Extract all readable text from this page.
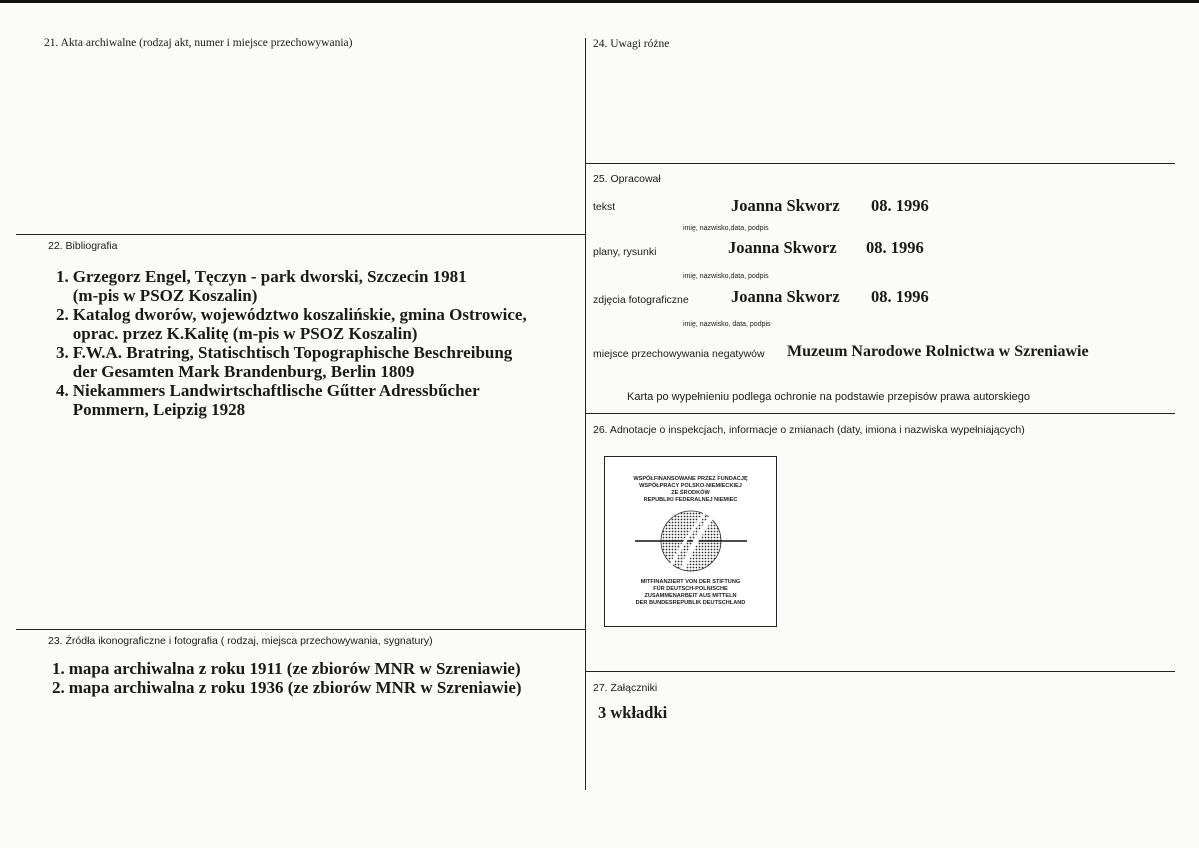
21. Akta archiwalne (rodzaj akt, numer i miejsce przechowywania)
22. Bibliografia
1. Grzegorz Engel, Tęczyn - park dworski, Szczecin 1981
(m-pis w PSOZ Koszalin)
2. Katalog dworów, województwo koszalińskie, gmina Ostrowice,
oprac. przez K.Kalitę (m-pis w PSOZ Koszalin)
3. F.W.A. Bratring, Statischtisch Topographische Beschreibung
der Gesamten Mark Brandenburg, Berlin 1809
4. Niekammers Landwirtschaftlische Gűtter Adressbűcher
Pommern, Leipzig 1928
23. Źródła ikonograficzne i fotografia ( rodzaj, miejsca przechowywania, sygnatury)
1. mapa archiwalna z roku 1911 (ze zbiorów MNR w Szreniawie)
2. mapa archiwalna z roku 1936 (ze zbiorów MNR w Szreniawie)
24. Uwagi różne
25. Opracował
tekst	Joanna Skworz 08. 1996
imię, nazwisko,data, podpis
plany, rysunki	Joanna Skworz 08. 1996
imię, nazwisko,data, podpis
zdjęcia fotograficzne	Joanna Skworz 08. 1996
imię, nazwisko, data, podpis
miejsce przechowywania negatywów Muzeum Narodowe Rolnictwa w Szreniawie
Karta po wypełnieniu podlega ochronie na podstawie przepisów prawa autorskiego
26. Adnotacje o inspekcjach, informacje o zmianach (daty, imiona i nazwiska wypełniających)
WSPÓŁFINANSOWANE PRZEZ FUNDACJĘ
WSPÓŁPRACY POLSKO-NIEMIECKIEJ
ZE ŚRODKÓW
REPUBLIKI FEDERALNEJ NIEMIEC
MITFINANZIERT VON DER STIFTUNG
FÜR DEUTSCH-POLNISCHE
ZUSAMMENARBEIT AUS MITTELN
DER BUNDESREPUBLIK DEUTSCHLAND
27. Załączniki
3 wkładki
